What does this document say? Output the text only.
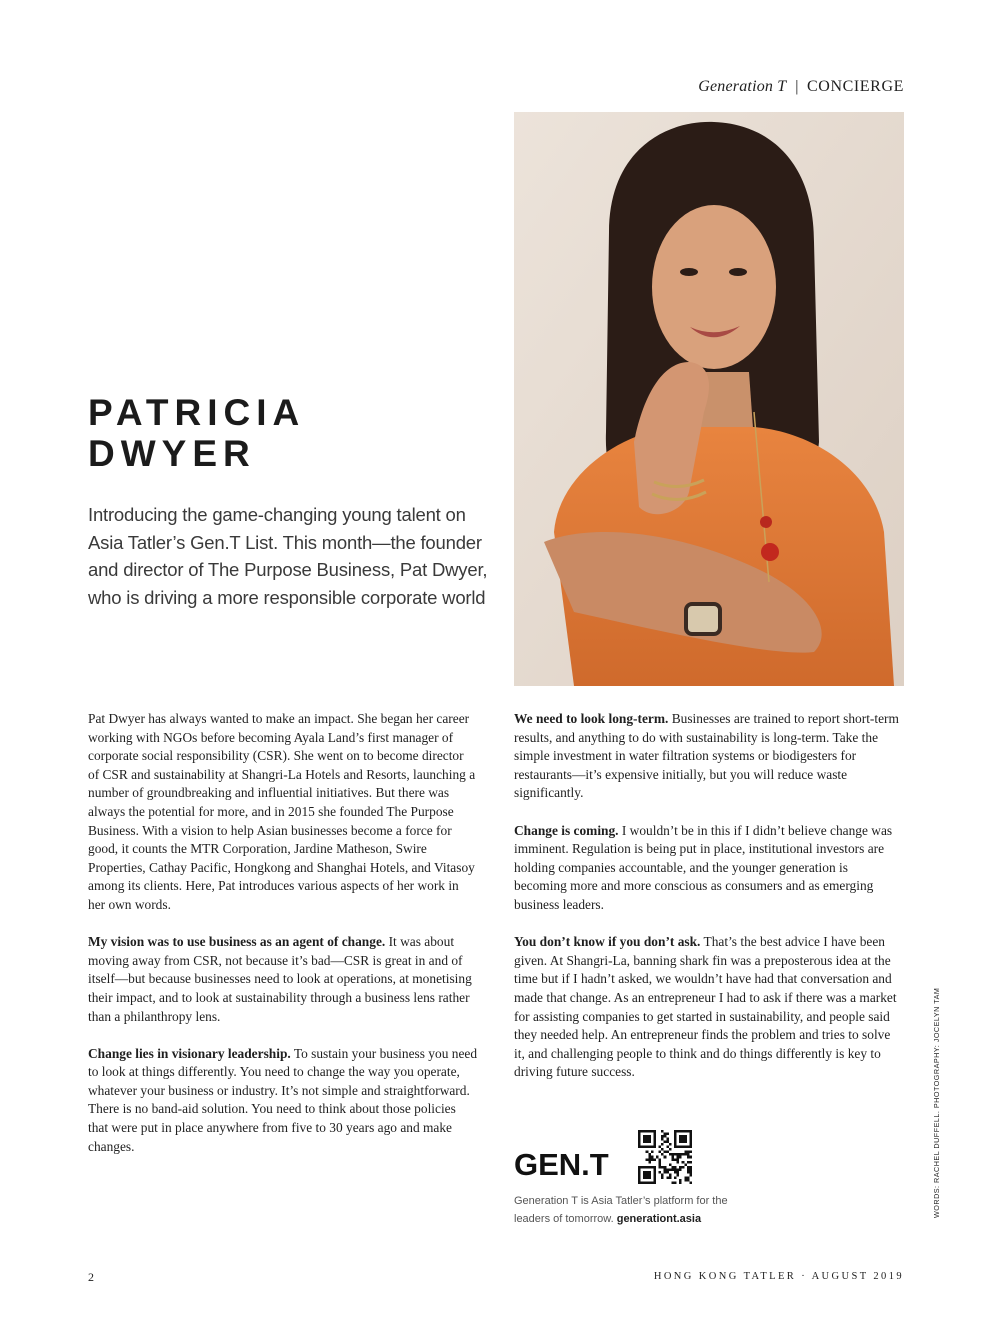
Generation T | CONCIERGE
PATRICIA
DWYER

Introducing the game-changing young talent on Asia Tatler’s Gen.T List. This month—the founder and director of The Purpose Business, Pat Dwyer, who is driving a more responsible corporate world

Pat Dwyer has always wanted to make an impact. She began her career working with NGOs before becoming Ayala Land’s first manager of corporate social responsibility (CSR). She went on to become director of CSR and sustainability at Shangri-La Hotels and Resorts, launching a number of groundbreaking and influential initiatives. But there was always the potential for more, and in 2015 she founded The Purpose Business. With a vision to help Asian businesses become a force for good, it counts the MTR Corporation, Jardine Matheson, Swire Properties, Cathay Pacific, Hongkong and Shanghai Hotels, and Vitasoy among its clients. Here, Pat introduces various aspects of her work in her own words.

My vision was to use business as an agent of change. It was about moving away from CSR, not because it’s bad—CSR is great in and of itself—but because businesses need to look at operations, at monetising their impact, and to look at sustainability through a business lens rather than a philanthropy lens.

Change lies in visionary leadership. To sustain your business you need to look at things differently. You need to change the way you operate, whatever your business or industry. It’s not simple and straightforward. There is no band-aid solution. You need to think about those policies that were put in place anywhere from five to 30 years ago and make changes.

We need to look long-term. Businesses are trained to report short-term results, and anything to do with sustainability is long-term. Take the simple investment in water filtration systems or biodigesters for restaurants—it’s expensive initially, but you will reduce waste significantly.

Change is coming. I wouldn’t be in this if I didn’t believe change was imminent. Regulation is being put in place, institutional investors are holding companies accountable, and the younger generation is becoming more and more conscious as consumers and as emerging business leaders.

You don’t know if you don’t ask. That’s the best advice I have been given. At Shangri-La, banning shark fin was a preposterous idea at the time but if I hadn’t asked, we wouldn’t have had that conversation and made that change. As an entrepreneur I had to ask if there was a market for assisting companies to get started in sustainability, and people said they needed help. An entrepreneur finds the problem and tries to solve it, and challenging people to think and do things differently is key to driving future success.

GEN.T
Generation T is Asia Tatler’s platform for the leaders of tomorrow. generationt.asia
WORDS: RACHEL DUFFELL. PHOTOGRAPHY: JOCELYN TAM
2	HONG KONG TATLER · AUGUST 2019
